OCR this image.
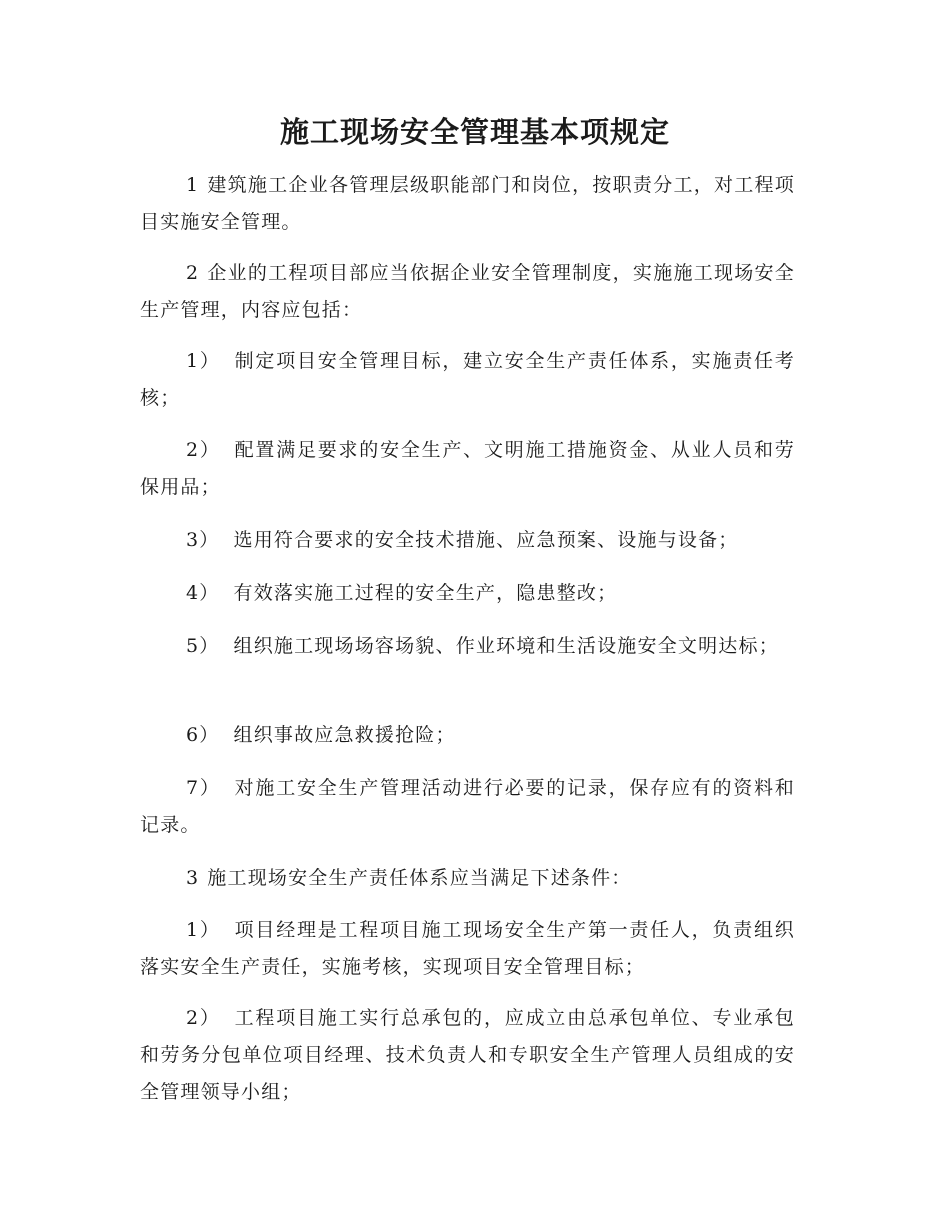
施工现场安全管理基本项规定

1 建筑施工企业各管理层级职能部门和岗位，按职责分工，对工程项目实施安全管理。

2 企业的工程项目部应当依据企业安全管理制度，实施施工现场安全生产管理，内容应包括：

1） 制定项目安全管理目标，建立安全生产责任体系，实施责任考核；

2） 配置满足要求的安全生产、文明施工措施资金、从业人员和劳保用品；

3） 选用符合要求的安全技术措施、应急预案、设施与设备；

4） 有效落实施工过程的安全生产，隐患整改；

5） 组织施工现场场容场貌、作业环境和生活设施安全文明达标；

6） 组织事故应急救援抢险；

7） 对施工安全生产管理活动进行必要的记录，保存应有的资料和记录。

3 施工现场安全生产责任体系应当满足下述条件：

1） 项目经理是工程项目施工现场安全生产第一责任人，负责组织落实安全生产责任，实施考核，实现项目安全管理目标；

2） 工程项目施工实行总承包的，应成立由总承包单位、专业承包和劳务分包单位项目经理、技术负责人和专职安全生产管理人员组成的安全管理领导小组；
